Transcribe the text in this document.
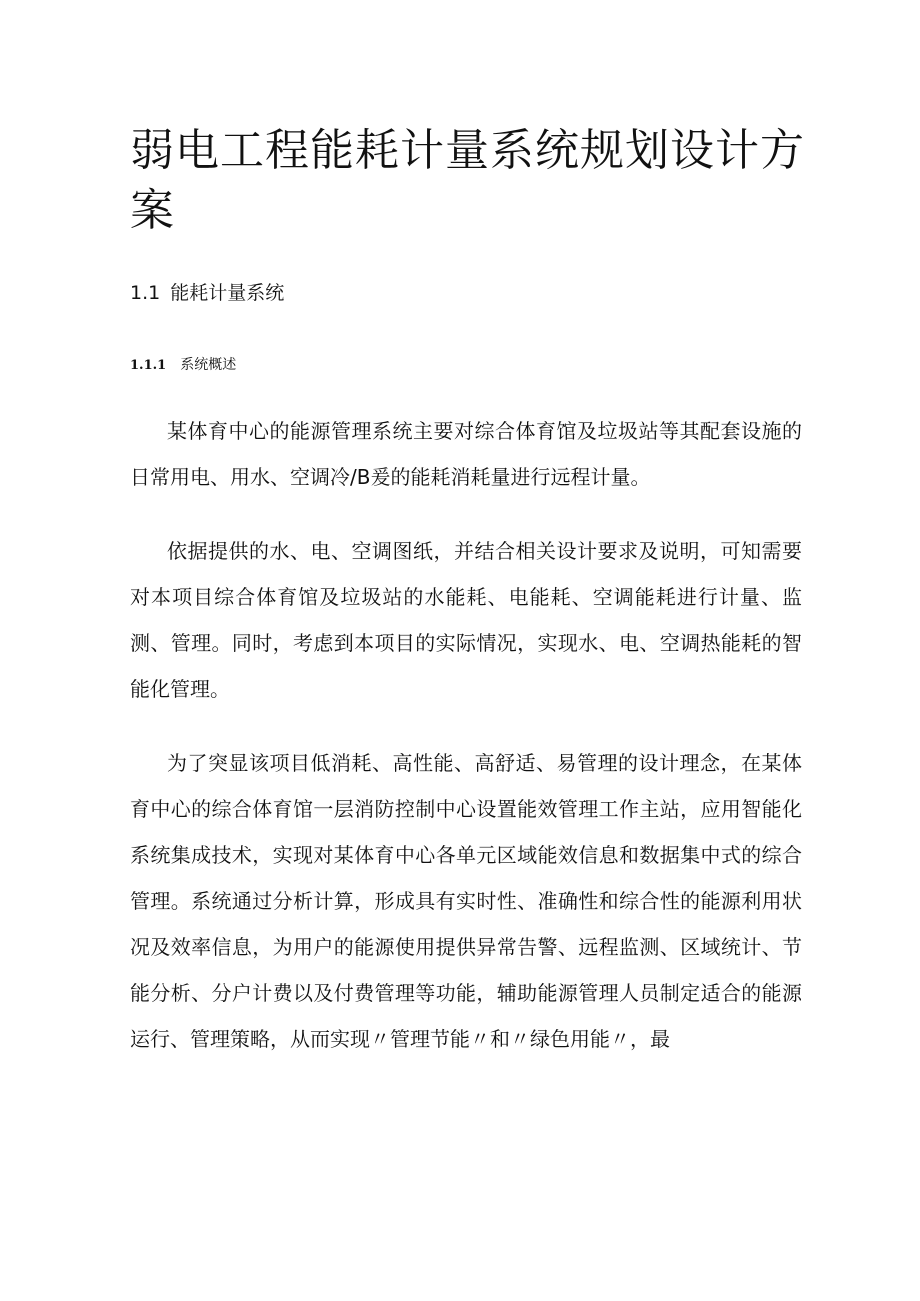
弱电工程能耗计量系统规划设计方案
1.1 能耗计量系统
1.1.1 系统概述

某体育中心的能源管理系统主要对综合体育馆及垃圾站等其配套设施的日常用电、用水、空调冷/B爰的能耗消耗量进行远程计量。

依据提供的水、电、空调图纸，并结合相关设计要求及说明，可知需要对本项目综合体育馆及垃圾站的水能耗、电能耗、空调能耗进行计量、监测、管理。同时，考虑到本项目的实际情况，实现水、电、空调热能耗的智能化管理。

为了突显该项目低消耗、高性能、高舒适、易管理的设计理念，在某体育中心的综合体育馆一层消防控制中心设置能效管理工作主站，应用智能化系统集成技术，实现对某体育中心各单元区域能效信息和数据集中式的综合管理。系统通过分析计算，形成具有实时性、准确性和综合性的能源利用状况及效率信息，为用户的能源使用提供异常告警、远程监测、区域统计、节能分析、分户计费以及付费管理等功能，辅助能源管理人员制定适合的能源运行、管理策略，从而实现〃管理节能〃和〃绿色用能〃，最
